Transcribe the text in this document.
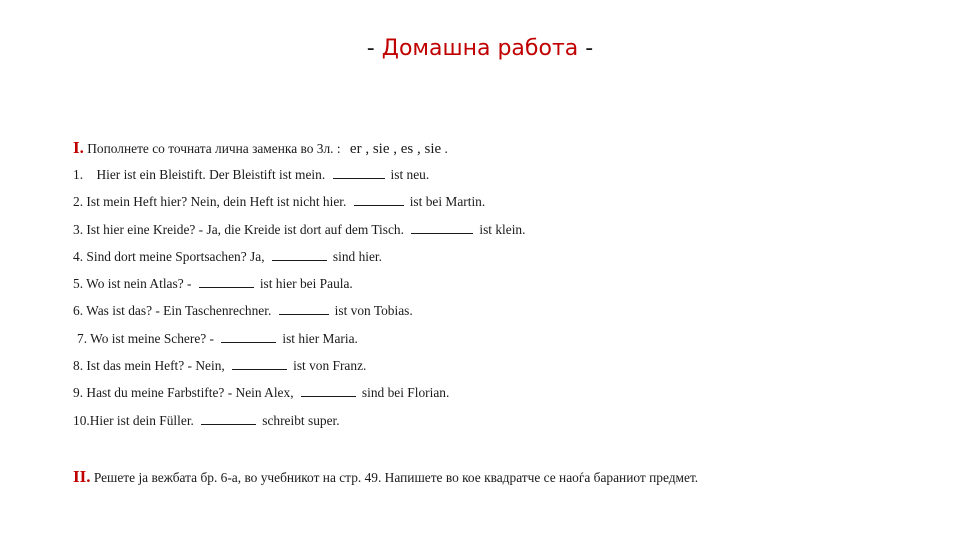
- Домашна работа -
I. Пополнете со точната лична заменка во 3л. : er , sie , es , sie .
1. Hier ist ein Bleistift. Der Bleistift ist mein.	ist neu.
2. Ist mein Heft hier? Nein, dein Heft ist nicht hier.	ist bei Martin.
3. Ist hier eine Kreide? - Ja, die Kreide ist dort auf dem Tisch.	ist klein.
4. Sind dort meine Sportsachen? Ja,	sind hier.
5. Wo ist nein Atlas? -	ist hier bei Paula.
6. Was ist das? - Ein Taschenrechner.	ist von Tobias.
7. Wo ist meine Schere? -	ist hier Maria.
8. Ist das mein Heft? - Nein,	ist von Franz.
9. Hast du meine Farbstifte? - Nein Alex,	sind bei Florian.
10.Hier ist dein Füller.	schreibt super.
II. Решете ја вежбата бр. 6-а, во учебникот на стр. 49. Напишете во кое квадратче се наоѓа бараниот предмет.
